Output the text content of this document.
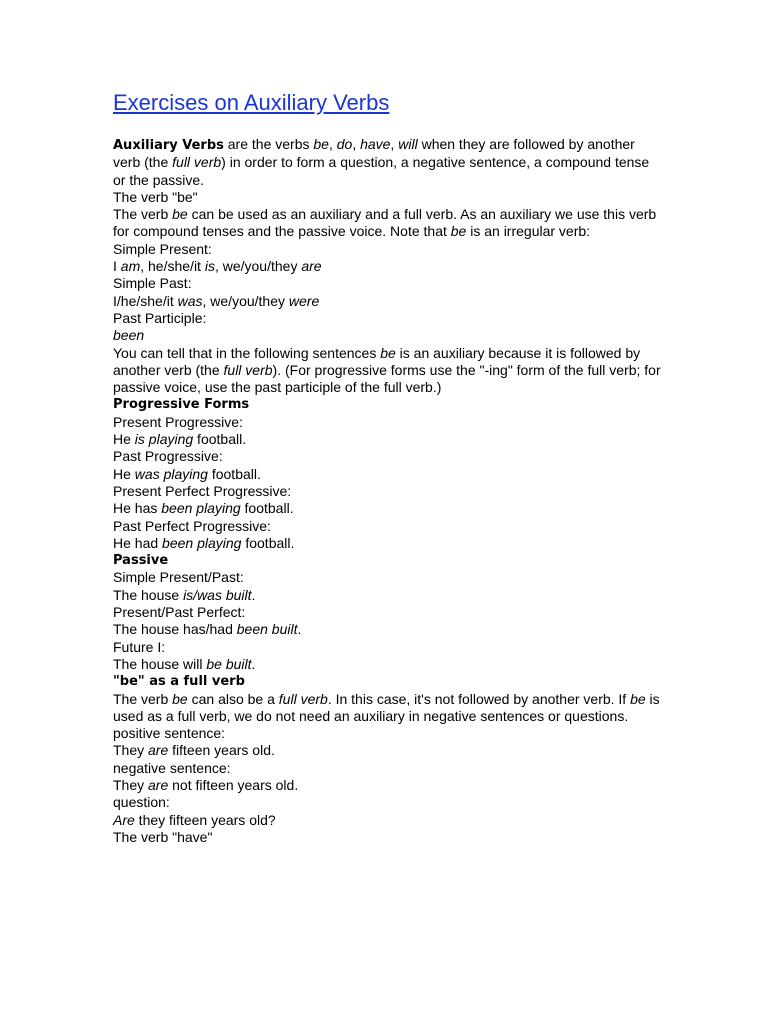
Exercises on Auxiliary Verbs
Auxiliary Verbs are the verbs be, do, have, will when they are followed by another verb (the full verb) in order to form a question, a negative sentence, a compound tense or the passive.
The verb "be"
The verb be can be used as an auxiliary and a full verb. As an auxiliary we use this verb for compound tenses and the passive voice. Note that be is an irregular verb:
Simple Present:
I am, he/she/it is, we/you/they are
Simple Past:
I/he/she/it was, we/you/they were
Past Participle:
been
You can tell that in the following sentences be is an auxiliary because it is followed by another verb (the full verb). (For progressive forms use the "-ing" form of the full verb; for passive voice, use the past participle of the full verb.)
Progressive Forms
Present Progressive:
He is playing football.
Past Progressive:
He was playing football.
Present Perfect Progressive:
He has been playing football.
Past Perfect Progressive:
He had been playing football.
Passive
Simple Present/Past:
The house is/was built.
Present/Past Perfect:
The house has/had been built.
Future I:
The house will be built.
"be" as a full verb
The verb be can also be a full verb. In this case, it's not followed by another verb. If be is used as a full verb, we do not need an auxiliary in negative sentences or questions.
positive sentence:
They are fifteen years old.
negative sentence:
They are not fifteen years old.
question:
Are they fifteen years old?
The verb "have"
